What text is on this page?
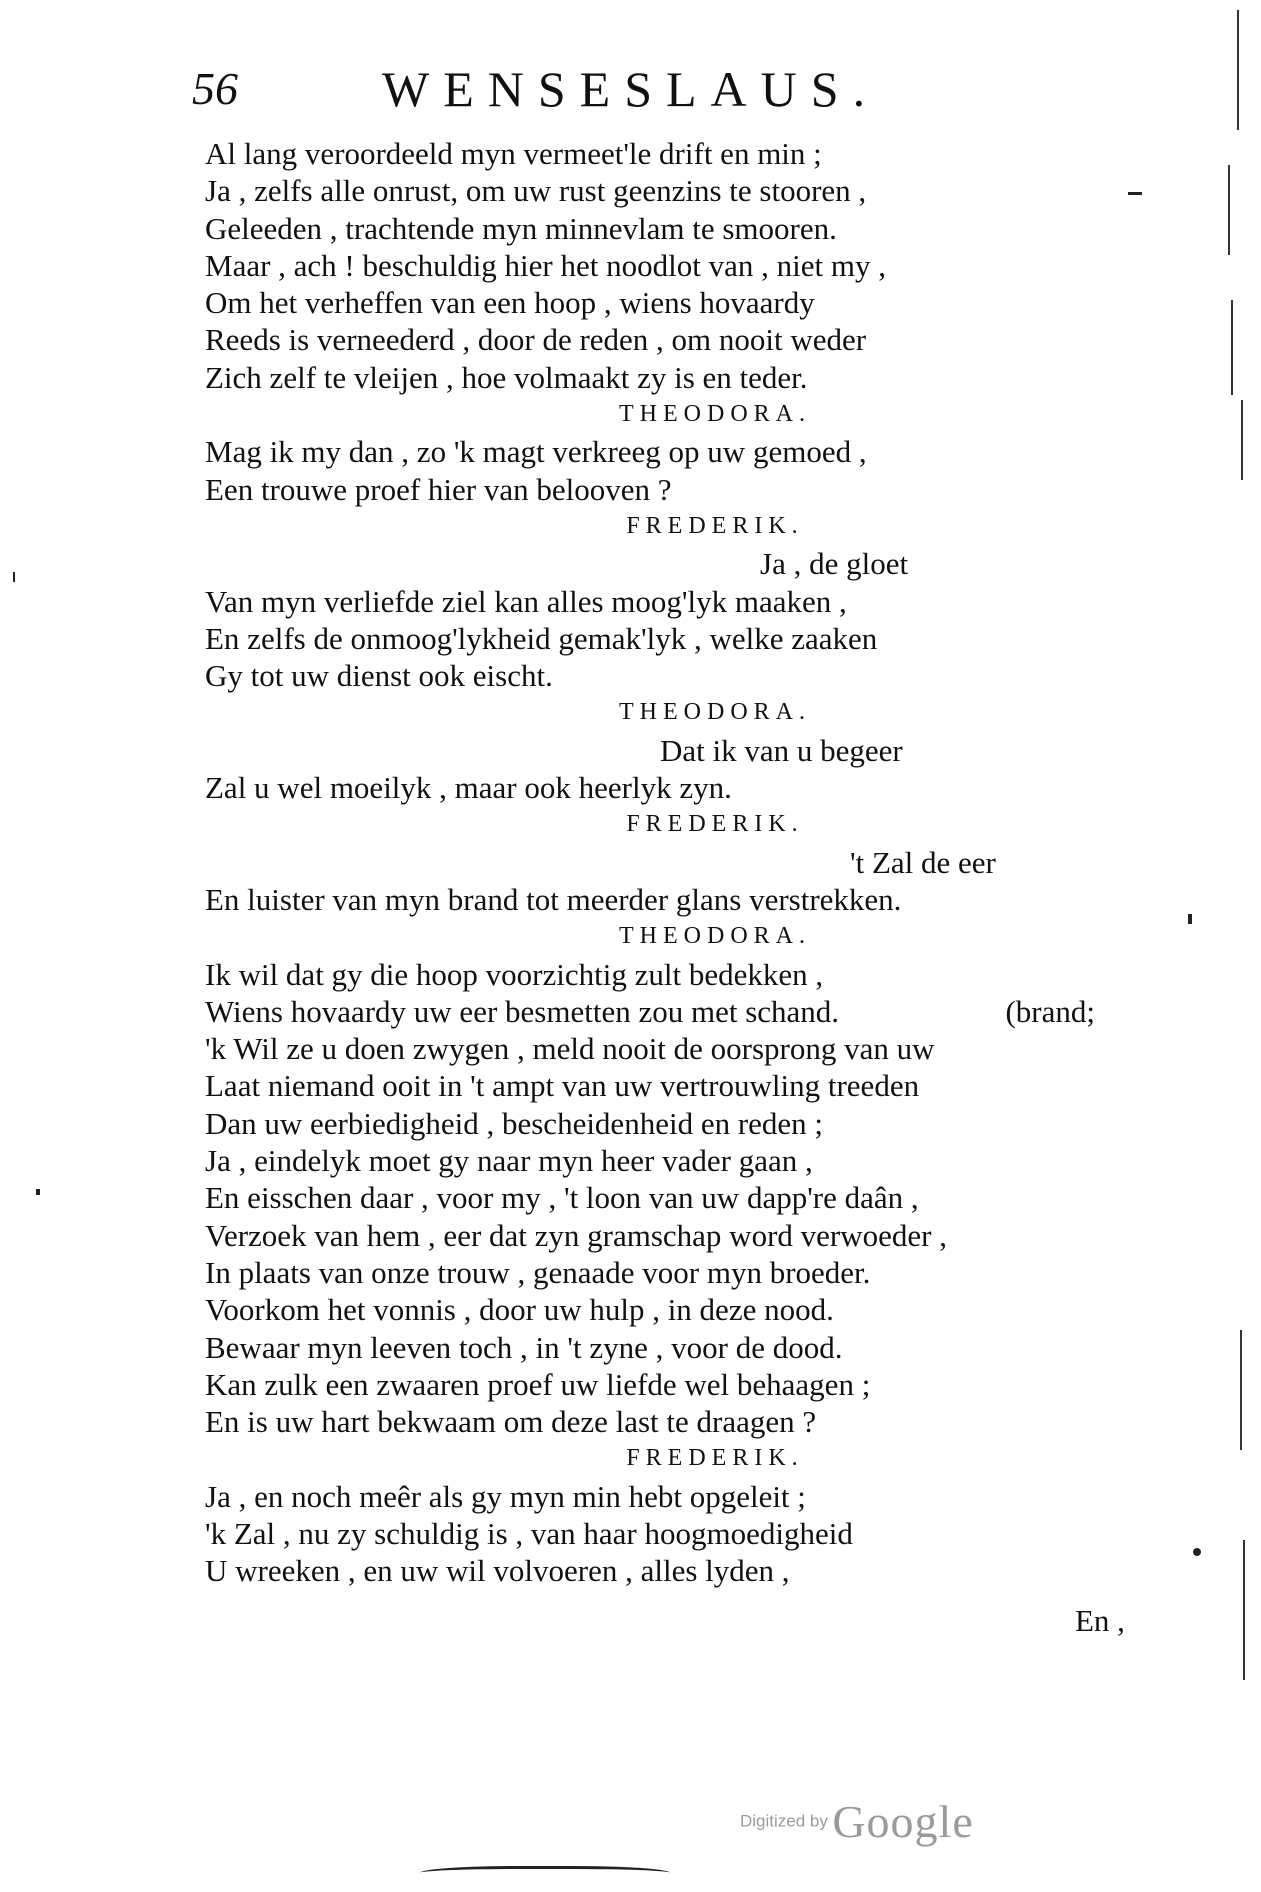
56	WENSESLAUS.
Al lang veroordeeld myn vermeet'le drift en min ;
Ja , zelfs alle onrust, om uw rust geenzins te stooren ,
Geleeden , trachtende myn minnevlam te smooren.
Maar , ach ! beschuldig hier het noodlot van , niet my ,
Om het verheffen van een hoop , wiens hovaardy
Reeds is verneederd , door de reden , om nooit weder
Zich zelf te vleijen , hoe volmaakt zy is en teder.
THEODORA.
Mag ik my dan , zo 'k magt verkreeg op uw gemoed ,
Een trouwe proef hier van belooven ?
FREDERIK.
Ja , de gloet
Van myn verliefde ziel kan alles moog'lyk maaken ,
En zelfs de onmoog'lykheid gemak'lyk , welke zaaken
Gy tot uw dienst ook eischt.
THEODORA.
Dat ik van u begeer
Zal u wel moeilyk , maar ook heerlyk zyn.
FREDERIK.
't Zal de eer
En luister van myn brand tot meerder glans verstrekken.
THEODORA.
Ik wil dat gy die hoop voorzichtig zult bedekken ,
Wiens hovaardy uw eer besmetten zou met schand.	(brand;
'k Wil ze u doen zwygen , meld nooit de oorsprong van uw
Laat niemand ooit in 't ampt van uw vertrouwling treeden
Dan uw eerbiedigheid , bescheidenheid en reden ;
Ja , eindelyk moet gy naar myn heer vader gaan ,
En eisschen daar , voor my , 't loon van uw dapp're daân ,
Verzoek van hem , eer dat zyn gramschap word verwoeder ,
In plaats van onze trouw , genaade voor myn broeder.
Voorkom het vonnis , door uw hulp , in deze nood.
Bewaar myn leeven toch , in 't zyne , voor de dood.
Kan zulk een zwaaren proef uw liefde wel behaagen ;
En is uw hart bekwaam om deze last te draagen ?
FREDERIK.
Ja , en noch meêr als gy myn min hebt opgeleit ;
'k Zal , nu zy schuldig is , van haar hoogmoedigheid
U wreeken , en uw wil volvoeren , alles lyden ,
En ,
Digitized by Google
